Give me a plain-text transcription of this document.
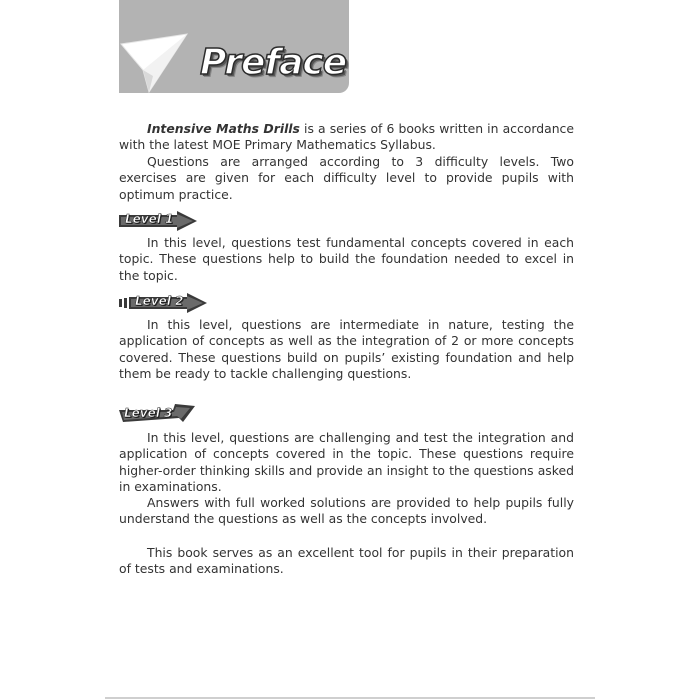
Preface

Intensive Maths Drills is a series of 6 books written in accordance with the latest MOE Primary Mathematics Syllabus.

Questions are arranged according to 3 difficulty levels. Two exercises are given for each difficulty level to provide pupils with optimum practice.

Level 1

In this level, questions test fundamental concepts covered in each topic. These questions help to build the foundation needed to excel in the topic.

Level 2

In this level, questions are intermediate in nature, testing the application of concepts as well as the integration of 2 or more concepts covered. These questions build on pupils’ existing foundation and help them be ready to tackle challenging questions.

Level 3

In this level, questions are challenging and test the integration and application of concepts covered in the topic. These questions require higher-order thinking skills and provide an insight to the questions asked in examinations.

Answers with full worked solutions are provided to help pupils fully understand the questions as well as the concepts involved.

This book serves as an excellent tool for pupils in their preparation of tests and examinations.
